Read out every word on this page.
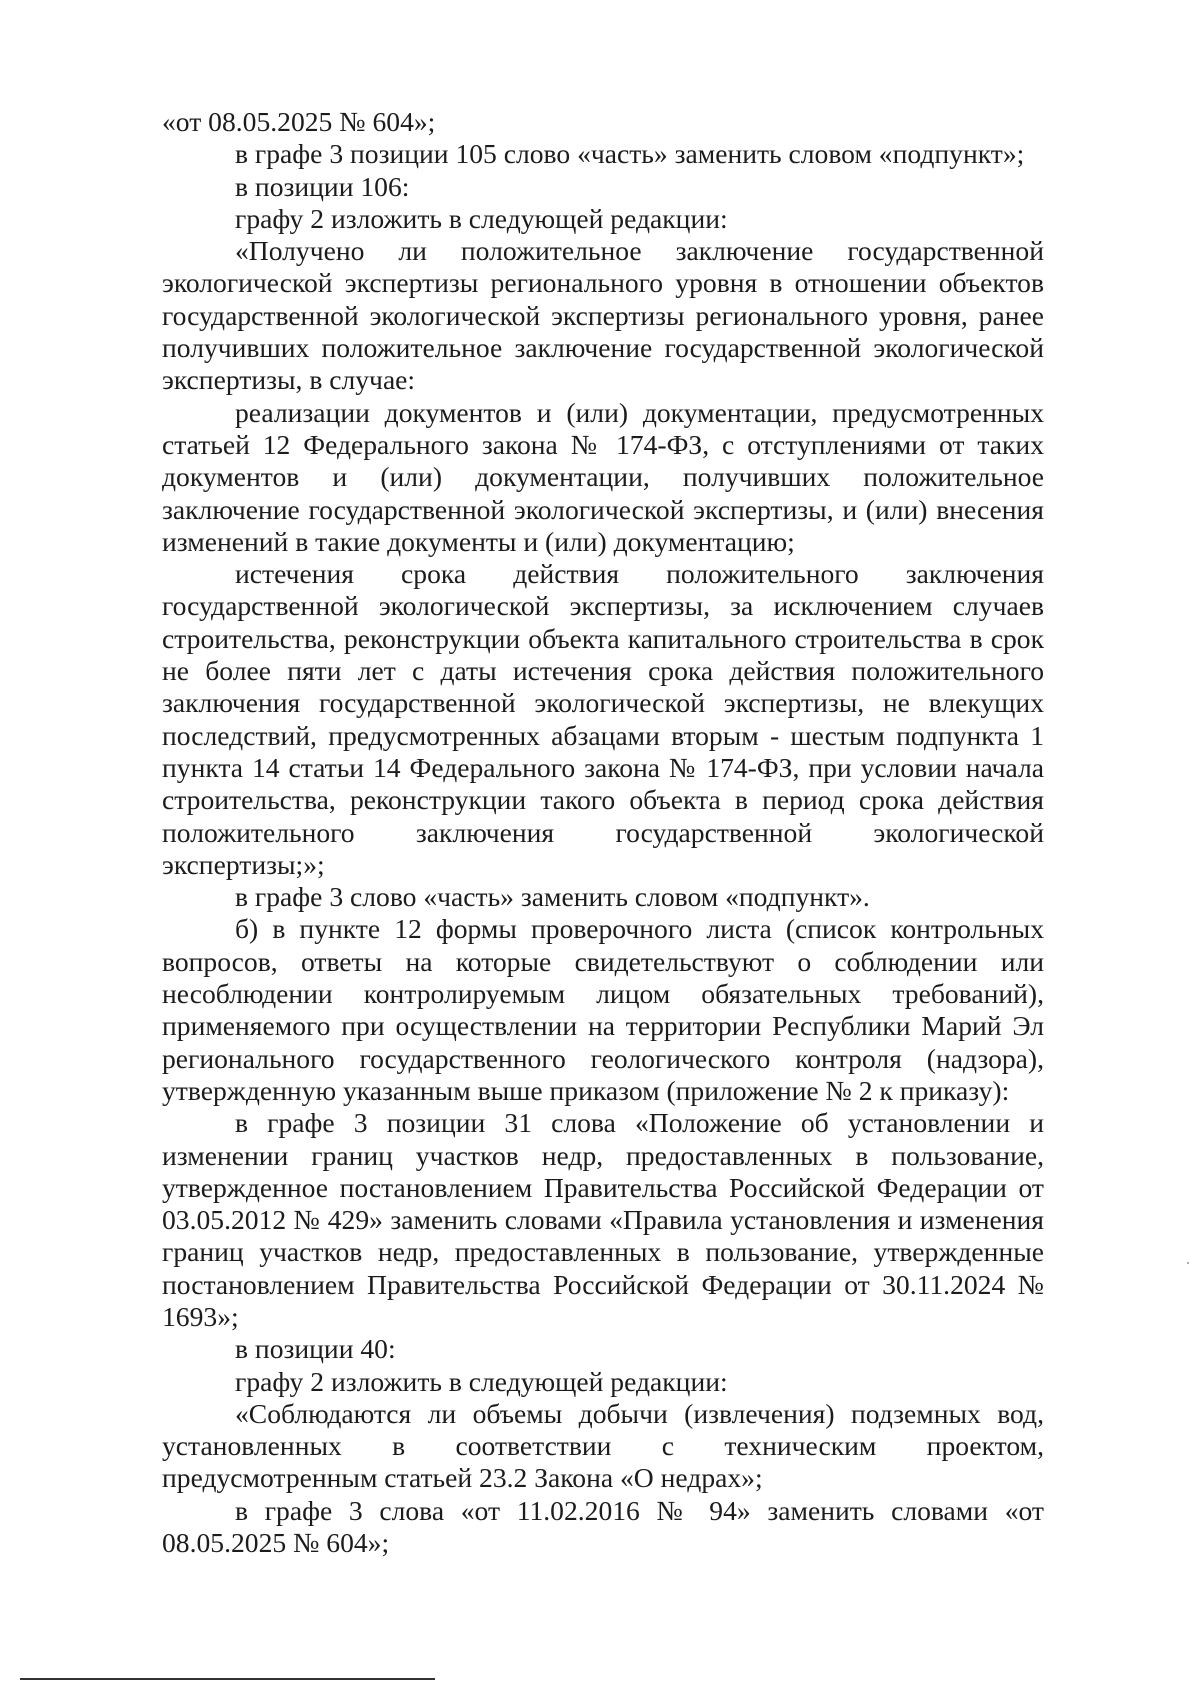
«от 08.05.2025 № 604»;

в графе 3 позиции 105 слово «часть» заменить словом «подпункт»;

в позиции 106:

графу 2 изложить в следующей редакции:

«Получено ли положительное заключение государственной экологической экспертизы регионального уровня в отношении объектов государственной экологической экспертизы регионального уровня, ранее получивших положительное заключение государственной экологической экспертизы, в случае:

реализации документов и (или) документации, предусмотренных статьей 12 Федерального закона № 174-ФЗ, с отступлениями от таких документов и (или) документации, получивших положительное заключение государственной экологической экспертизы, и (или) внесения изменений в такие документы и (или) документацию;

истечения срока действия положительного заключения государственной экологической экспертизы, за исключением случаев строительства, реконструкции объекта капитального строительства в срок не более пяти лет с даты истечения срока действия положительного заключения государственной экологической экспертизы, не влекущих последствий, предусмотренных абзацами вторым - шестым подпункта 1 пункта 14 статьи 14 Федерального закона № 174-ФЗ, при условии начала строительства, реконструкции такого объекта в период срока действия положительного заключения государственной экологической экспертизы;»;

в графе 3 слово «часть» заменить словом «подпункт».

б) в пункте 12 формы проверочного листа (список контрольных вопросов, ответы на которые свидетельствуют о соблюдении или несоблюдении контролируемым лицом обязательных требований), применяемого при осуществлении на территории Республики Марий Эл регионального государственного геологического контроля (надзора), утвержденную указанным выше приказом (приложение № 2 к приказу):

в графе 3 позиции 31 слова «Положение об установлении и изменении границ участков недр, предоставленных в пользование, утвержденное постановлением Правительства Российской Федерации от 03.05.2012 № 429» заменить словами «Правила установления и изменения границ участков недр, предоставленных в пользование, утвержденные постановлением Правительства Российской Федерации от 30.11.2024 № 1693»;

в позиции 40:

графу 2 изложить в следующей редакции:

«Соблюдаются ли объемы добычи (извлечения) подземных вод, установленных в соответствии с техническим проектом, предусмотренным статьей 23.2 Закона «О недрах»;

в графе 3 слова «от 11.02.2016 № 94» заменить словами «от 08.05.2025 № 604»;
